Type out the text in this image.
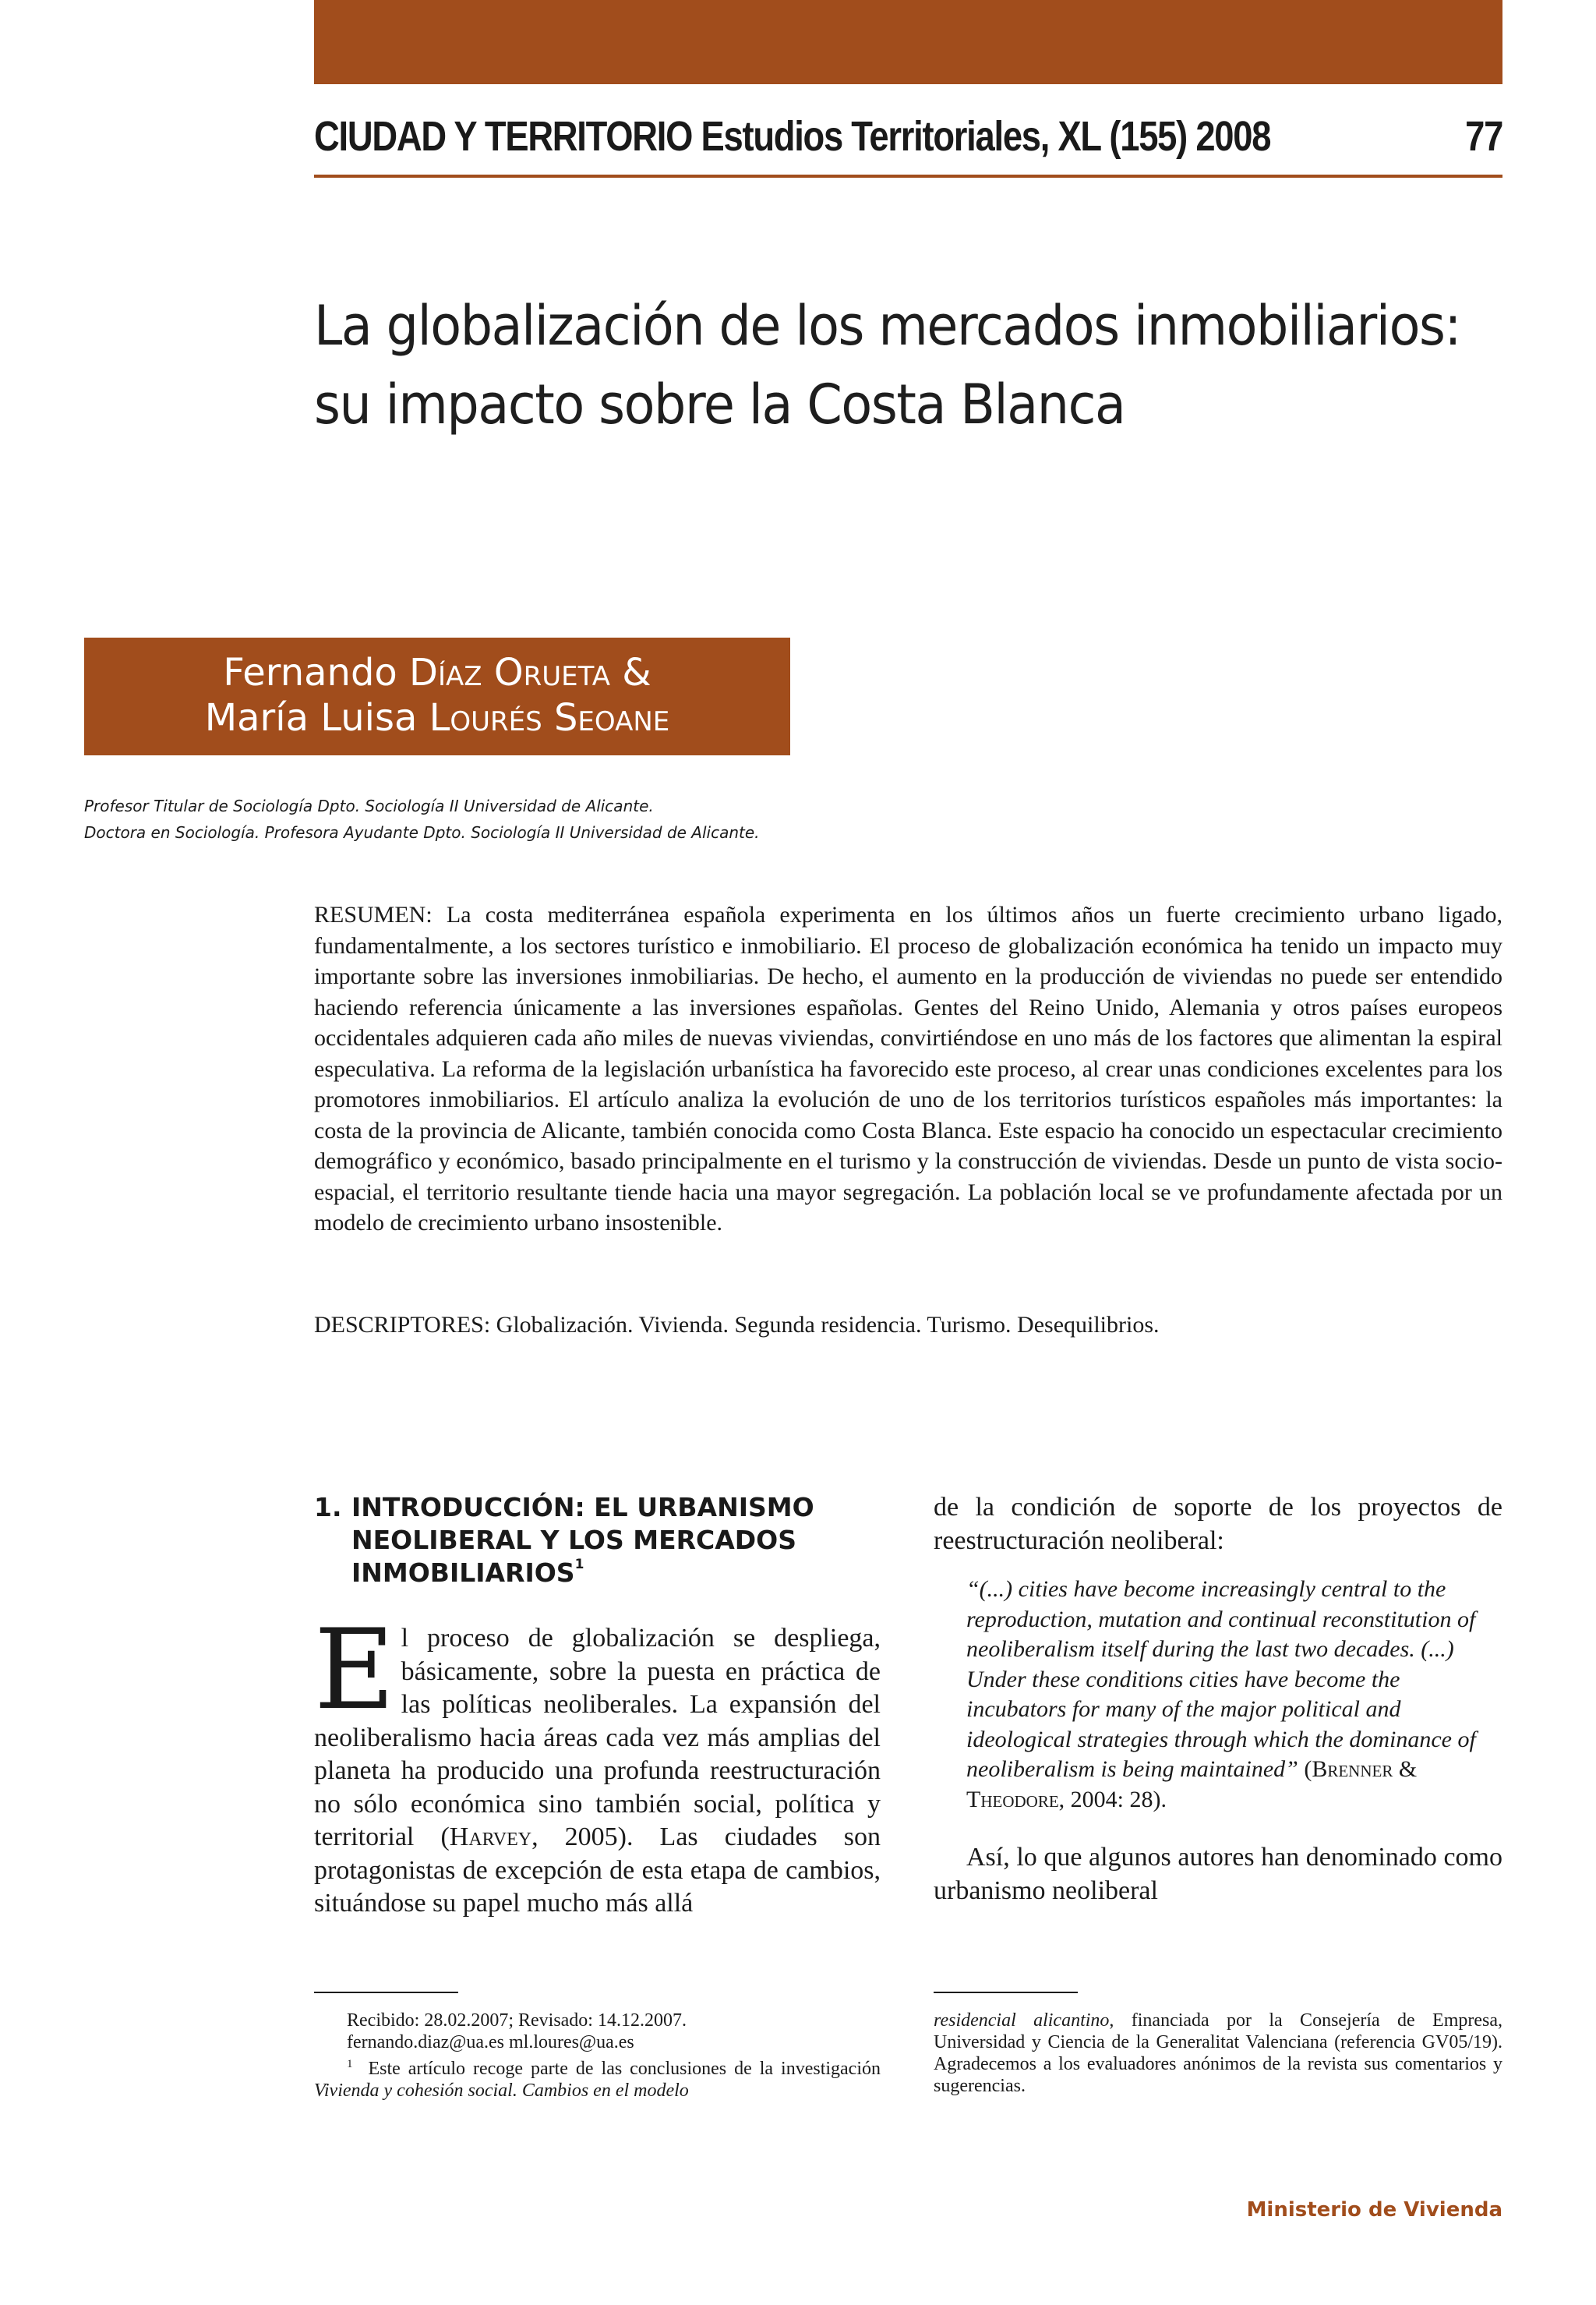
CIUDAD Y TERRITORIO Estudios Territoriales, XL (155) 2008	77
La globalización de los mercados inmobiliarios:
su impacto sobre la Costa Blanca
Fernando Díaz Orueta &
María Luisa Lourés Seoane
Profesor Titular de Sociología Dpto. Sociología II Universidad de Alicante.
Doctora en Sociología. Profesora Ayudante Dpto. Sociología II Universidad de Alicante.

RESUMEN: La costa mediterránea española experimenta en los últimos años un fuerte crecimiento urbano ligado, fundamentalmente, a los sectores turístico e inmobiliario. El proceso de globalización económica ha tenido un impacto muy importante sobre las inversiones inmobiliarias. De hecho, el aumento en la producción de viviendas no puede ser entendido haciendo referencia únicamente a las inversiones españolas. Gentes del Reino Unido, Alemania y otros países europeos occidentales adquieren cada año miles de nuevas viviendas, convirtiéndose en uno más de los factores que alimentan la espiral especulativa. La reforma de la legislación urbanística ha favorecido este proceso, al crear unas condiciones excelentes para los promotores inmobiliarios. El artículo analiza la evolución de uno de los territorios turísticos españoles más importantes: la costa de la provincia de Alicante, también conocida como Costa Blanca. Este espacio ha conocido un espectacular crecimiento demográfico y económico, basado principalmente en el turismo y la construcción de viviendas. Desde un punto de vista socio-espacial, el territorio resultante tiende hacia una mayor segregación. La población local se ve profundamente afectada por un modelo de crecimiento urbano insostenible.

DESCRIPTORES: Globalización. Vivienda. Segunda residencia. Turismo. Desequilibrios.
1. INTRODUCCIÓN: EL URBANISMO NEOLIBERAL Y LOS MERCADOS INMOBILIARIOS$^1$

El proceso de globalización se despliega, básicamente, sobre la puesta en práctica de las políticas neoliberales. La expansión del neoliberalismo hacia áreas cada vez más amplias del planeta ha producido una profunda reestructuración no sólo económica sino también social, política y territorial (Harvey, 2005). Las ciudades son protagonistas de excepción de esta etapa de cambios, situándose su papel mucho más allá

de la condición de soporte de los proyectos de reestructuración neoliberal:

“(...) cities have become increasingly central to the reproduction, mutation and continual reconstitution of neoliberalism itself during the last two decades. (...) Under these conditions cities have become the incubators for many of the major political and ideological strategies through which the dominance of neoliberalism is being maintained” (Brenner & Theodore, 2004: 28).

Así, lo que algunos autores han denominado como urbanismo neoliberal

Recibido: 28.02.2007; Revisado: 14.12.2007.

fernando.diaz@ua.es ml.loures@ua.es

$^1$ Este artículo recoge parte de las conclusiones de la investigación Vivienda y cohesión social. Cambios en el modelo

residencial alicantino, financiada por la Consejería de Empresa, Universidad y Ciencia de la Generalitat Valenciana (referencia GV05/19). Agradecemos a los evaluadores anónimos de la revista sus comentarios y sugerencias.

Ministerio de Vivienda
